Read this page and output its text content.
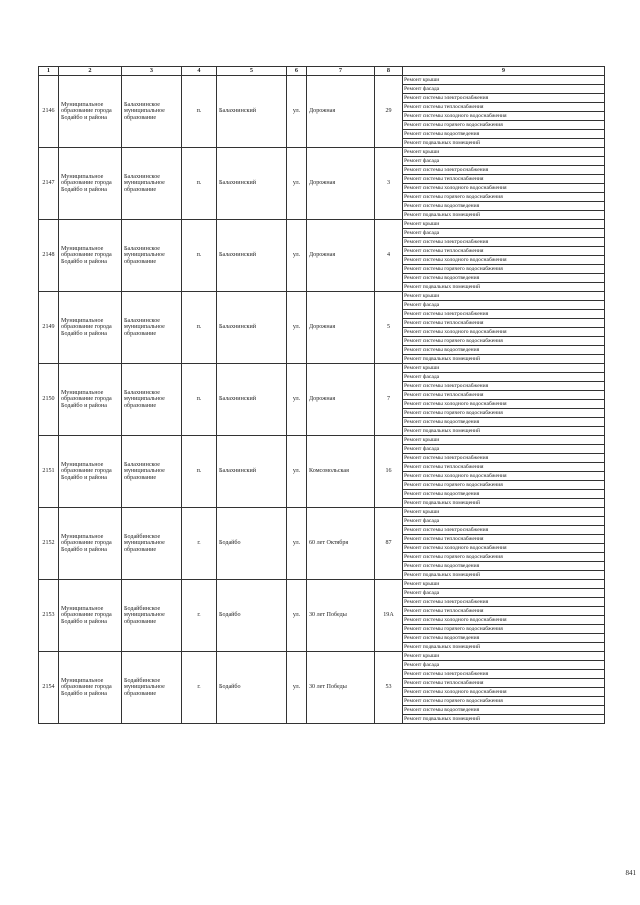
1	2	3	4	5	6	7	8	9
2146	Муниципальное образование города Бодайбо и района	Балахнинское муниципальное образование	п.	Балахнинский	ул.	Дорожная	29	Ремонт крыши
								Ремонт фасада
								Ремонт системы электроснабжения
								Ремонт системы теплоснабжения
								Ремонт системы холодного водоснабжения
								Ремонт системы горячего водоснабжения
								Ремонт системы водоотведения
								Ремонт подвальных помещений
2147	Муниципальное образование города Бодайбо и района	Балахнинское муниципальное образование	п.	Балахнинский	ул.	Дорожная	3	Ремонт крыши
								Ремонт фасада
								Ремонт системы электроснабжения
								Ремонт системы теплоснабжения
								Ремонт системы холодного водоснабжения
								Ремонт системы горячего водоснабжения
								Ремонт системы водоотведения
								Ремонт подвальных помещений
2148	Муниципальное образование города Бодайбо и района	Балахнинское муниципальное образование	п.	Балахнинский	ул.	Дорожная	4	Ремонт крыши
								Ремонт фасада
								Ремонт системы электроснабжения
								Ремонт системы теплоснабжения
								Ремонт системы холодного водоснабжения
								Ремонт системы горячего водоснабжения
								Ремонт системы водоотведения
								Ремонт подвальных помещений
2149	Муниципальное образование города Бодайбо и района	Балахнинское муниципальное образование	п.	Балахнинский	ул.	Дорожная	5	Ремонт крыши
								Ремонт фасада
								Ремонт системы электроснабжения
								Ремонт системы теплоснабжения
								Ремонт системы холодного водоснабжения
								Ремонт системы горячего водоснабжения
								Ремонт системы водоотведения
								Ремонт подвальных помещений
2150	Муниципальное образование города Бодайбо и района	Балахнинское муниципальное образование	п.	Балахнинский	ул.	Дорожная	7	Ремонт крыши
								Ремонт фасада
								Ремонт системы электроснабжения
								Ремонт системы теплоснабжения
								Ремонт системы холодного водоснабжения
								Ремонт системы горячего водоснабжения
								Ремонт системы водоотведения
								Ремонт подвальных помещений
2151	Муниципальное образование города Бодайбо и района	Балахнинское муниципальное образование	п.	Балахнинский	ул.	Комсомольская	16	Ремонт крыши
								Ремонт фасада
								Ремонт системы электроснабжения
								Ремонт системы теплоснабжения
								Ремонт системы холодного водоснабжения
								Ремонт системы горячего водоснабжения
								Ремонт системы водоотведения
								Ремонт подвальных помещений
2152	Муниципальное образование города Бодайбо и района	Бодайбинское муниципальное образование	г.	Бодайбо	ул.	60 лет Октября	87	Ремонт крыши
								Ремонт фасада
								Ремонт системы электроснабжения
								Ремонт системы теплоснабжения
								Ремонт системы холодного водоснабжения
								Ремонт системы горячего водоснабжения
								Ремонт системы водоотведения
								Ремонт подвальных помещений
2153	Муниципальное образование города Бодайбо и района	Бодайбинское муниципальное образование	г.	Бодайбо	ул.	30 лет Победы	19А	Ремонт крыши
								Ремонт фасада
								Ремонт системы электроснабжения
								Ремонт системы теплоснабжения
								Ремонт системы холодного водоснабжения
								Ремонт системы горячего водоснабжения
								Ремонт системы водоотведения
								Ремонт подвальных помещений
2154	Муниципальное образование города Бодайбо и района	Бодайбинское муниципальное образование	г.	Бодайбо	ул.	30 лет Победы	53	Ремонт крыши
								Ремонт фасада
								Ремонт системы электроснабжения
								Ремонт системы теплоснабжения
								Ремонт системы холодного водоснабжения
								Ремонт системы горячего водоснабжения
								Ремонт системы водоотведения
								Ремонт подвальных помещений
841
